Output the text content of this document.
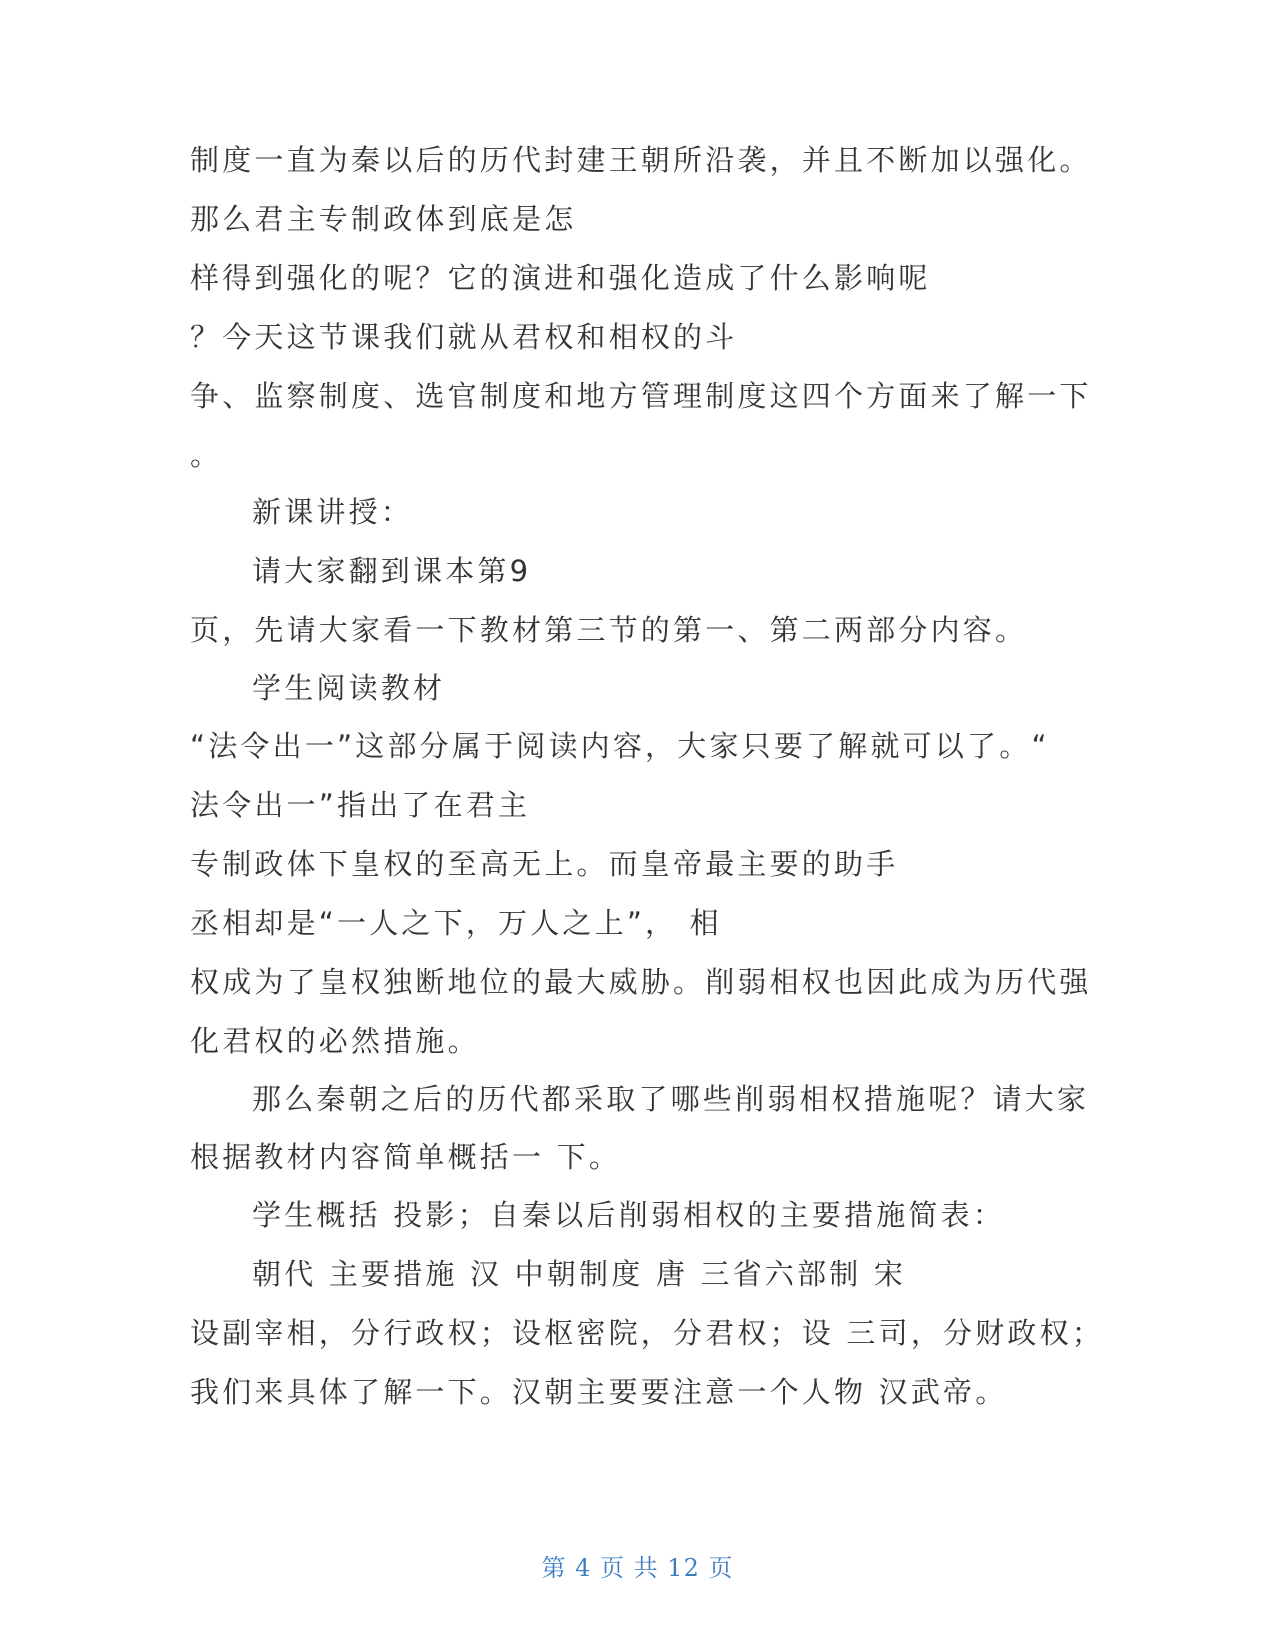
制度一直为秦以后的历代封建王朝所沿袭，并且不断加以强化。
那么君主专制政体到底是怎
样得到强化的呢？它的演进和强化造成了什么影响呢
？今天这节课我们就从君权和相权的斗
争、监察制度、选官制度和地方管理制度这四个方面来了解一下
。
新课讲授：
请大家翻到课本第9
页，先请大家看一下教材第三节的第一、第二两部分内容。
学生阅读教材
“法令出一”这部分属于阅读内容，大家只要了解就可以了。“
法令出一”指出了在君主
专制政体下皇权的至高无上。而皇帝最主要的助手
丞相却是“一人之下，万人之上”， 相
权成为了皇权独断地位的最大威胁。削弱相权也因此成为历代强
化君权的必然措施。
那么秦朝之后的历代都采取了哪些削弱相权措施呢？请大家
根据教材内容简单概括一 下。
学生概括 投影；自秦以后削弱相权的主要措施简表：
朝代 主要措施 汉 中朝制度 唐 三省六部制 宋
设副宰相，分行政权；设枢密院，分君权；设 三司，分财政权；
我们来具体了解一下。汉朝主要要注意一个人物 汉武帝。
第 4 页 共 12 页
